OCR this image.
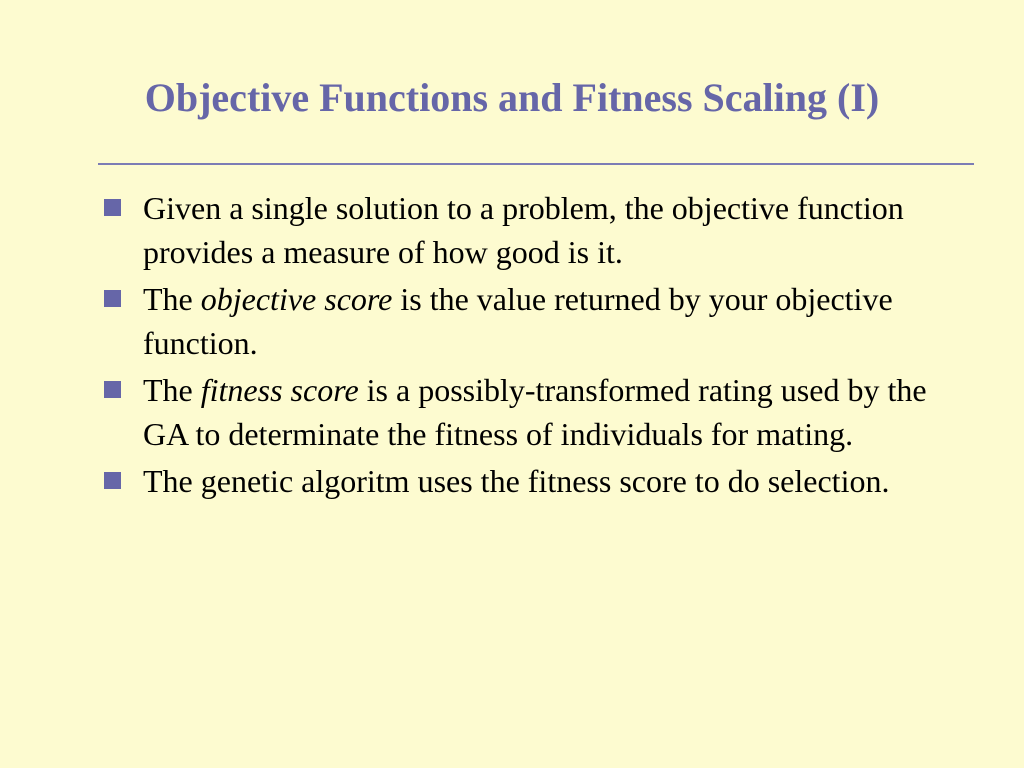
Objective Functions and Fitness Scaling (I)
Given a single solution to a problem, the objective function provides a measure of how good is it.
The objective score is the value returned by your objective function.
The fitness score is a possibly-transformed rating used by the GA to determinate the fitness of individuals for mating.
The genetic algoritm uses the fitness score to do selection.
